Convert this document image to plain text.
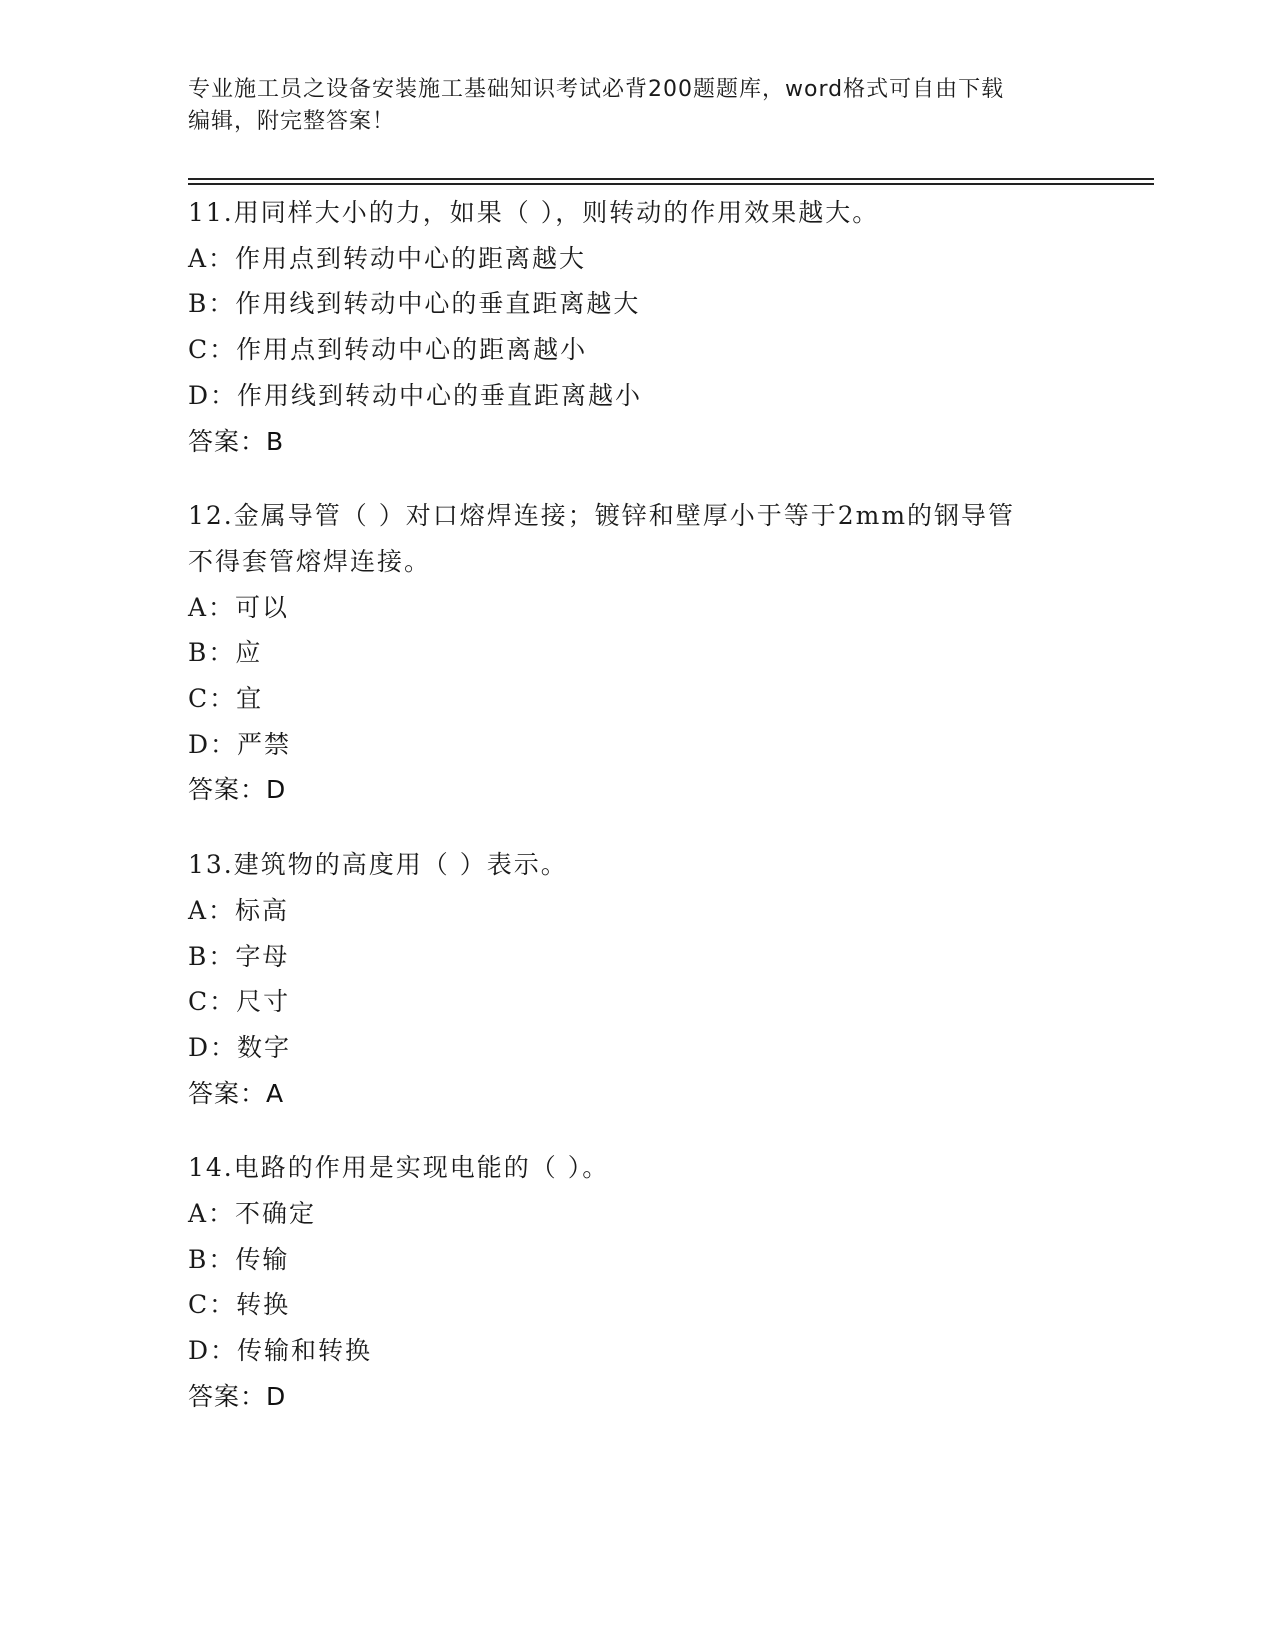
专业施工员之设备安装施工基础知识考试必背200题题库，word格式可自由下载
编辑，附完整答案！
11.用同样大小的力，如果（ ），则转动的作用效果越大。
A：作用点到转动中心的距离越大
B：作用线到转动中心的垂直距离越大
C：作用点到转动中心的距离越小
D：作用线到转动中心的垂直距离越小
答案：B
12.金属导管（ ）对口熔焊连接；镀锌和壁厚小于等于2mm的钢导管
不得套管熔焊连接。
A：可以
B：应
C：宜
D：严禁
答案：D
13.建筑物的高度用（ ）表示。
A：标高
B：字母
C：尺寸
D：数字
答案：A
14.电路的作用是实现电能的（ ）。
A：不确定
B：传输
C：转换
D：传输和转换
答案：D
